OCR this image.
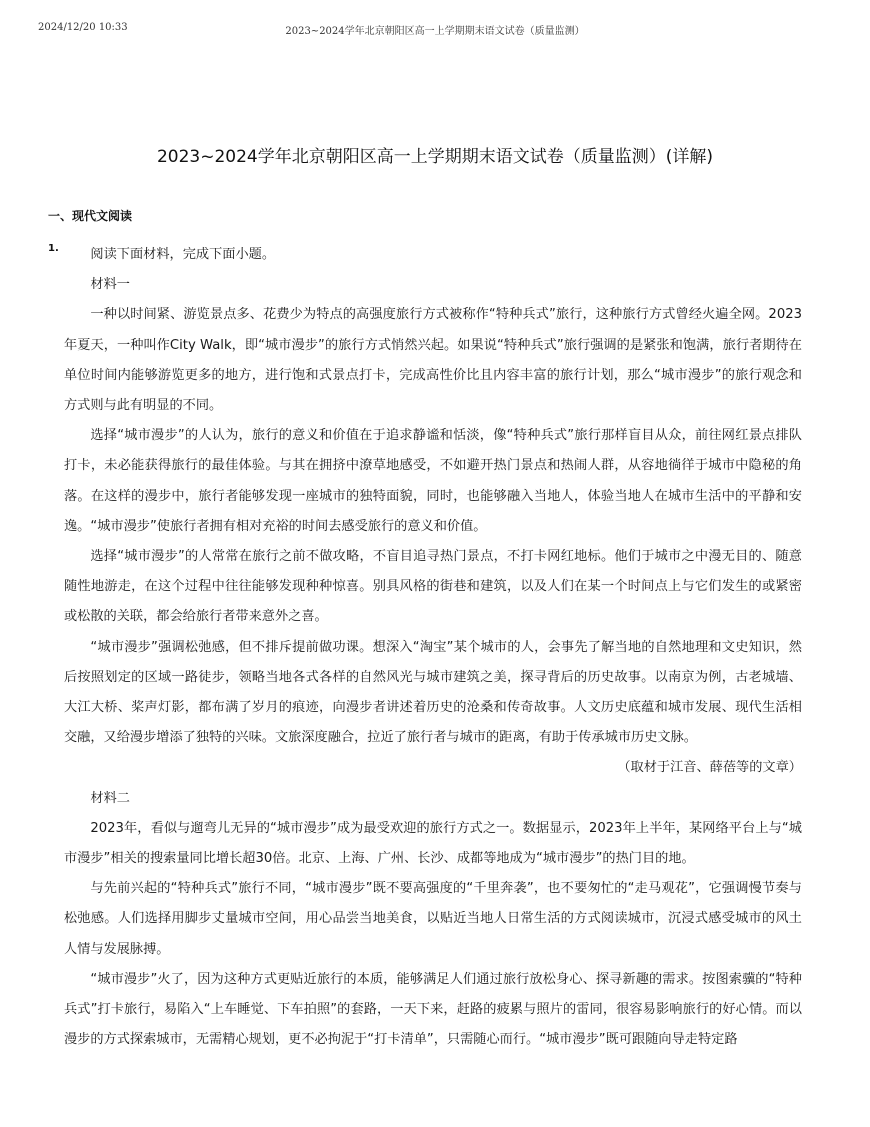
2024/12/20 10:33	2023~2024学年北京朝阳区高一上学期期末语文试卷（质量监测）
2023~2024学年北京朝阳区高一上学期期末语文试卷（质量监测）(详解)
一、现代文阅读
1.	阅读下面材料，完成下面小题。

材料一

一种以时间紧、游览景点多、花费少为特点的高强度旅行方式被称作“特种兵式”旅行，这种旅行方式曾经火遍全网。2023年夏天，一种叫作City Walk，即“城市漫步”的旅行方式悄然兴起。如果说“特种兵式”旅行强调的是紧张和饱满，旅行者期待在单位时间内能够游览更多的地方，进行饱和式景点打卡，完成高性价比且内容丰富的旅行计划，那么“城市漫步”的旅行观念和方式则与此有明显的不同。

选择“城市漫步”的人认为，旅行的意义和价值在于追求静谧和恬淡，像“特种兵式”旅行那样盲目从众，前往网红景点排队打卡，未必能获得旅行的最佳体验。与其在拥挤中潦草地感受，不如避开热门景点和热闹人群，从容地徜徉于城市中隐秘的角落。在这样的漫步中，旅行者能够发现一座城市的独特面貌，同时，也能够融入当地人，体验当地人在城市生活中的平静和安逸。“城市漫步”使旅行者拥有相对充裕的时间去感受旅行的意义和价值。

选择“城市漫步”的人常常在旅行之前不做攻略，不盲目追寻热门景点，不打卡网红地标。他们于城市之中漫无目的、随意随性地游走，在这个过程中往往能够发现种种惊喜。别具风格的街巷和建筑，以及人们在某一个时间点上与它们发生的或紧密或松散的关联，都会给旅行者带来意外之喜。

“城市漫步”强调松弛感，但不排斥提前做功课。想深入“淘宝”某个城市的人，会事先了解当地的自然地理和文史知识，然后按照划定的区域一路徒步，领略当地各式各样的自然风光与城市建筑之美，探寻背后的历史故事。以南京为例，古老城墙、大江大桥、桨声灯影，都布满了岁月的痕迹，向漫步者讲述着历史的沧桑和传奇故事。人文历史底蕴和城市发展、现代生活相交融，又给漫步增添了独特的兴味。文旅深度融合，拉近了旅行者与城市的距离，有助于传承城市历史文脉。

（取材于江音、薛蓓等的文章）

材料二

2023年，看似与遛弯儿无异的“城市漫步”成为最受欢迎的旅行方式之一。数据显示，2023年上半年，某网络平台上与“城市漫步”相关的搜索量同比增长超30倍。北京、上海、广州、长沙、成都等地成为“城市漫步”的热门目的地。

与先前兴起的“特种兵式”旅行不同，“城市漫步”既不要高强度的“千里奔袭”，也不要匆忙的“走马观花”，它强调慢节奏与松弛感。人们选择用脚步丈量城市空间，用心品尝当地美食，以贴近当地人日常生活的方式阅读城市，沉浸式感受城市的风土人情与发展脉搏。

“城市漫步”火了，因为这种方式更贴近旅行的本质，能够满足人们通过旅行放松身心、探寻新趣的需求。按图索骥的“特种兵式”打卡旅行，易陷入“上车睡觉、下车拍照”的套路，一天下来，赶路的疲累与照片的雷同，很容易影响旅行的好心情。而以漫步的方式探索城市，无需精心规划，更不必拘泥于“打卡清单”，只需随心而行。“城市漫步”既可跟随向导走特定路
